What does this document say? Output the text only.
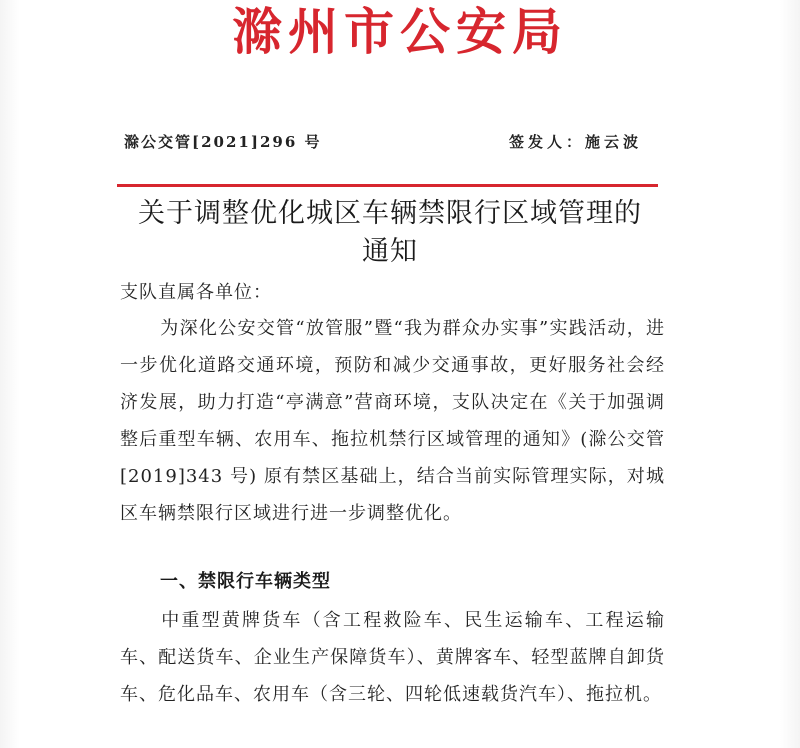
滁州市公安局
滁公交管[2021]296 号	签发人：施云波
关于调整优化城区车辆禁限行区域管理的
通知
支队直属各单位：
为深化公安交管“放管服”暨“我为群众办实事”实践活动，进一步优化道路交通环境，预防和减少交通事故，更好服务社会经济发展，助力打造“亭满意”营商环境，支队决定在《关于加强调整后重型车辆、农用车、拖拉机禁行区域管理的通知》(滁公交管[2019]343 号) 原有禁区基础上，结合当前实际管理实际，对城区车辆禁限行区域进行进一步调整优化。
一、禁限行车辆类型
中重型黄牌货车（含工程救险车、民生运输车、工程运输车、配送货车、企业生产保障货车）、黄牌客车、轻型蓝牌自卸货车、危化品车、农用车（含三轮、四轮低速载货汽车）、拖拉机。
